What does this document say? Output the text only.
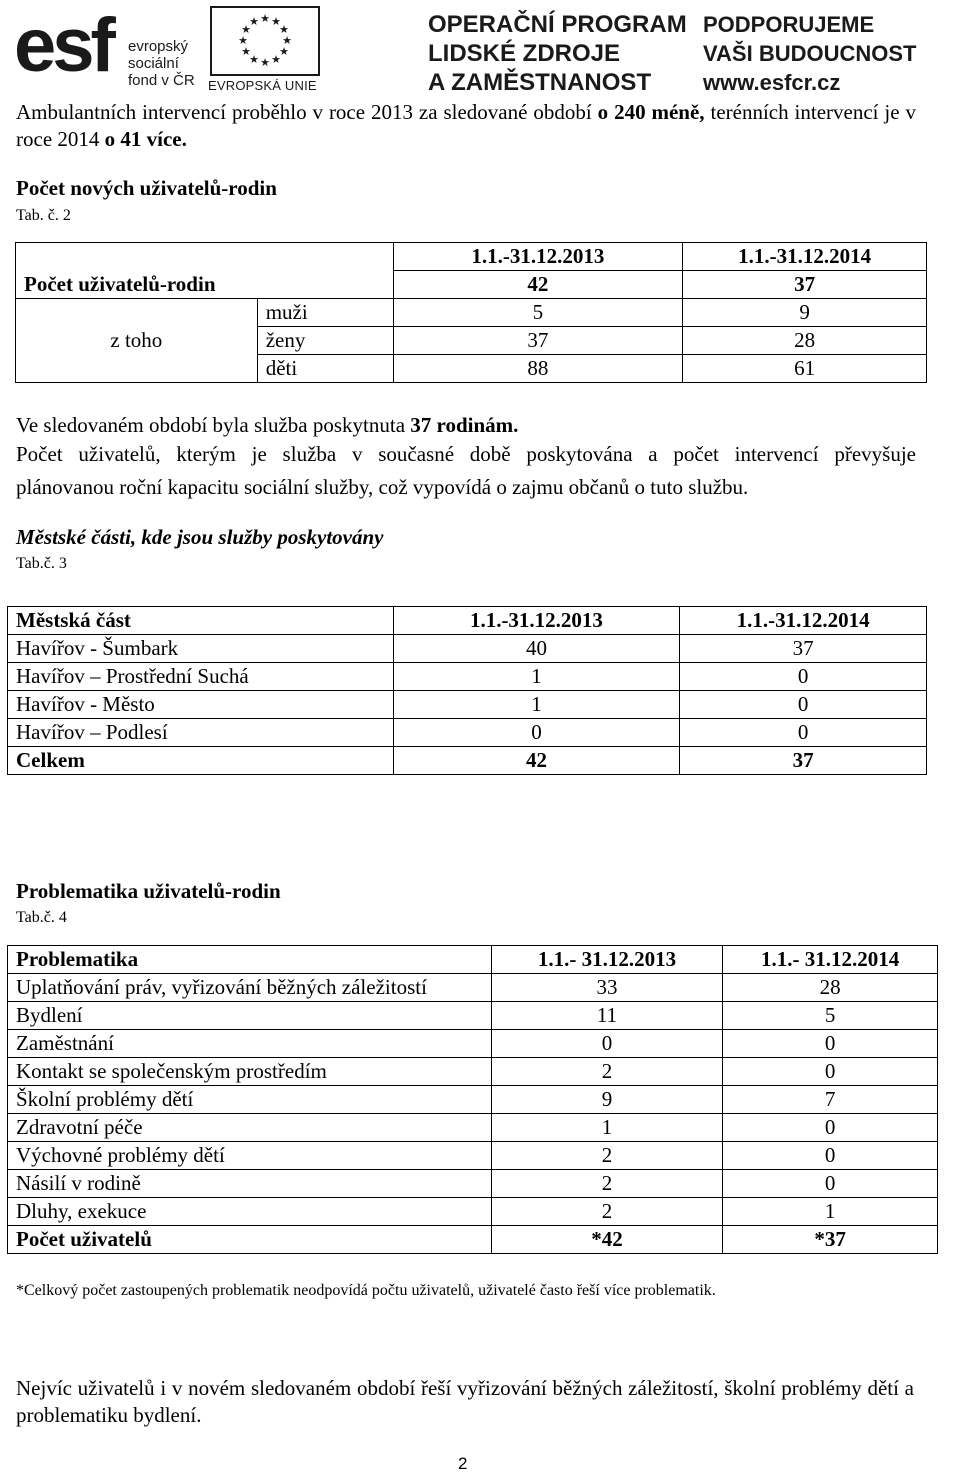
esf evropský
sociální
fond v ČR
★ ★
★
★
★
★
★
★
★
★
★
★
EVROPSKÁ UNIE
OPERAČNÍ PROGRAM
LIDSKÉ ZDROJE
A ZAMĚSTNANOST
PODPORUJEME
VAŠI BUDOUCNOST
www.esfcr.cz
Ambulantních intervencí proběhlo v roce 2013 za sledované období o 240 méně, terénních intervencí je v roce 2014 o 41 více.
Počet nových uživatelů-rodin
Tab. č. 2
		1.1.-31.12.2013	1.1.-31.12.2014
Počet uživatelů-rodin		42	37
z toho	muži	5	9
	ženy	37	28
	děti	88	61
Ve sledovaném období byla služba poskytnuta 37 rodinám.
Počet uživatelů, kterým je služba v současné době poskytována a počet intervencí převyšuje
plánovanou roční kapacitu sociální služby, což vypovídá o zajmu občanů o tuto službu.
Městské části, kde jsou služby poskytovány
Tab.č. 3
Městská část	1.1.-31.12.2013	1.1.-31.12.2014
Havířov - Šumbark	40	37
Havířov – Prostřední Suchá	1	0
Havířov - Město	1	0
Havířov – Podlesí	0	0
Celkem	42	37
Problematika uživatelů-rodin
Tab.č. 4
Problematika	1.1.- 31.12.2013	1.1.- 31.12.2014
Uplatňování práv, vyřizování běžných záležitostí	33	28
Bydlení	11	5
Zaměstnání	0	0
Kontakt se společenským prostředím	2	0
Školní problémy dětí	9	7
Zdravotní péče	1	0
Výchovné problémy dětí	2	0
Násilí v rodině	2	0
Dluhy, exekuce	2	1
Počet uživatelů	*42	*37
*Celkový počet zastoupených problematik neodpovídá počtu uživatelů, uživatelé často řeší více problematik.
Nejvíc uživatelů i v novém sledovaném období řeší vyřizování běžných záležitostí, školní problémy dětí a problematiku bydlení.
2
